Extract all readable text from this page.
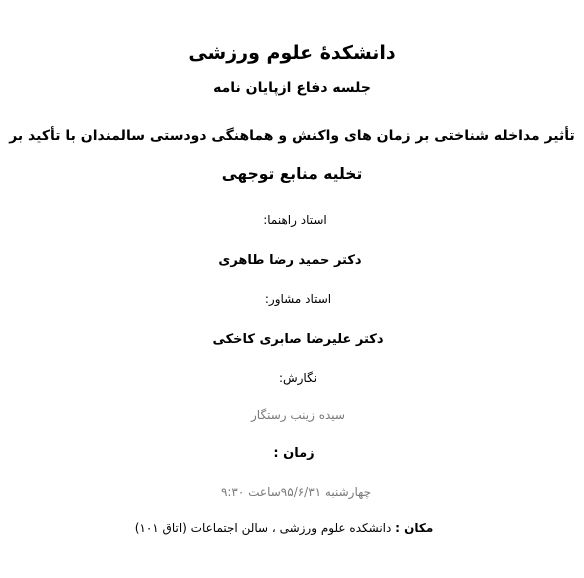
دانشکدهٔ علوم ورزشی
جلسه دفاع ازپایان نامه
تأثیر مداخله شناختی بر زمان های واکنش و هماهنگی دودستی سالمندان با تأکید بر
تخلیه منابع توجهی
استاد راهنما:
دکتر حمید رضا طاهری
استاد مشاور:
دکتر علیرضا صابری کاخکی
نگارش:
سیده زینب رستگار
زمان :
چهارشنبه ۹۵/۶/۳۱ساعت ۹:۳۰
مکان : دانشکده علوم ورزشی ، سالن اجتماعات (اتاق ۱۰۱)
